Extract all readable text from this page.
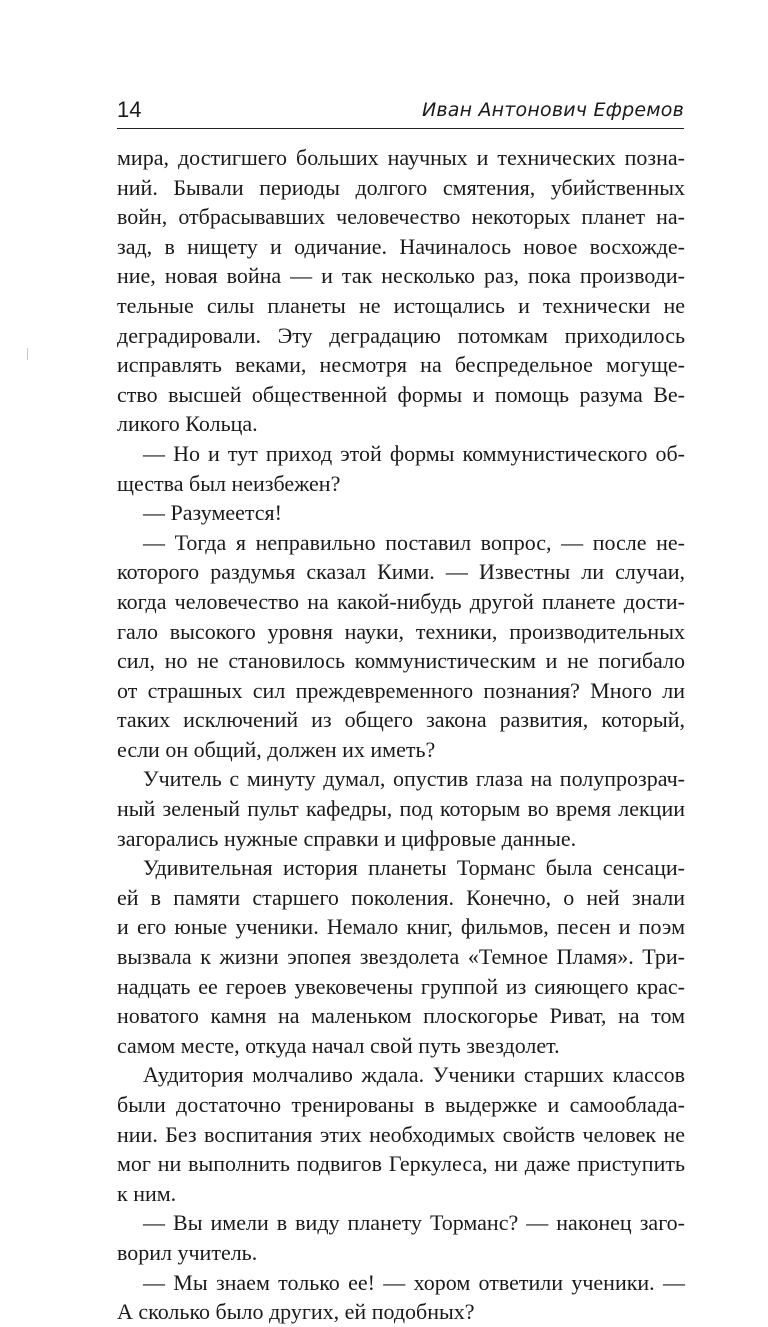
14	Иван Антонович Ефремов
мира, достигшего больших научных и технических позна-
ний. Бывали периоды долгого смятения, убийственных
войн, отбрасывавших человечество некоторых планет на-
зад, в нищету и одичание. Начиналось новое восхожде-
ние, новая война — и так несколько раз, пока производи-
тельные силы планеты не истощались и технически не
деградировали. Эту деградацию потомкам приходилось
исправлять веками, несмотря на беспредельное могуще-
ство высшей общественной формы и помощь разума Ве-
ликого Кольца.
— Но и тут приход этой формы коммунистического об-
щества был неизбежен?
— Разумеется!
— Тогда я неправильно поставил вопрос, — после не-
которого раздумья сказал Кими. — Известны ли случаи,
когда человечество на какой-нибудь другой планете дости-
гало высокого уровня науки, техники, производительных
сил, но не становилось коммунистическим и не погибало
от страшных сил преждевременного познания? Много ли
таких исключений из общего закона развития, который,
если он общий, должен их иметь?
Учитель с минуту думал, опустив глаза на полупрозрач-
ный зеленый пульт кафедры, под которым во время лекции
загорались нужные справки и цифровые данные.
Удивительная история планеты Торманс была сенсаци-
ей в памяти старшего поколения. Конечно, о ней знали
и его юные ученики. Немало книг, фильмов, песен и поэм
вызвала к жизни эпопея звездолета «Темное Пламя». Три-
надцать ее героев увековечены группой из сияющего крас-
новатого камня на маленьком плоскогорье Риват, на том
самом месте, откуда начал свой путь звездолет.
Аудитория молчаливо ждала. Ученики старших классов
были достаточно тренированы в выдержке и самооблада-
нии. Без воспитания этих необходимых свойств человек не
мог ни выполнить подвигов Геркулеса, ни даже приступить
к ним.
— Вы имели в виду планету Торманс? — наконец заго-
ворил учитель.
— Мы знаем только ее! — хором ответили ученики. —
А сколько было других, ей подобных?
